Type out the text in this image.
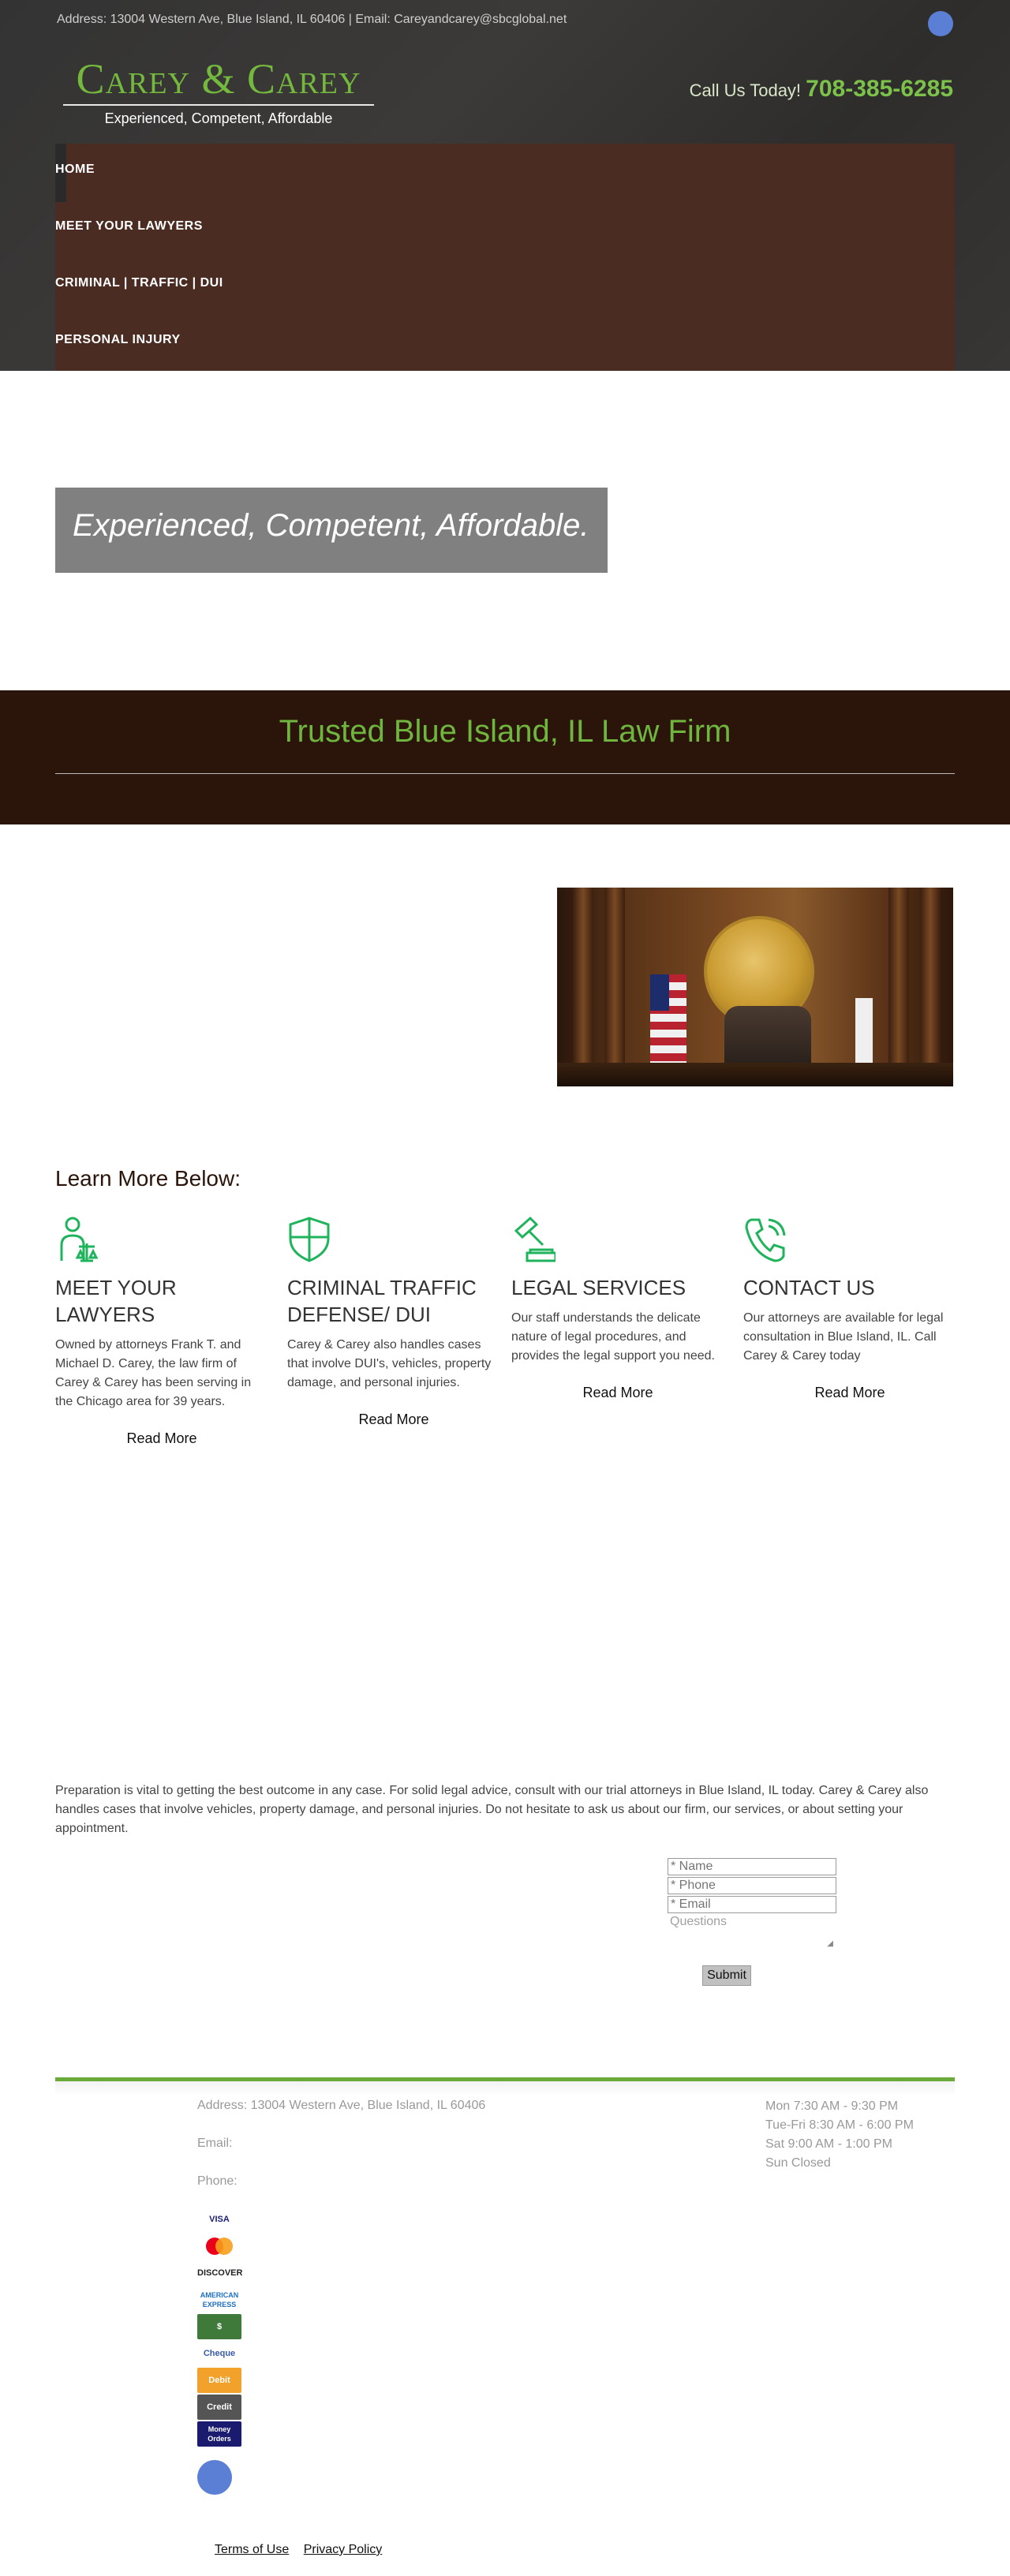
Address: 13004 Western Ave, Blue Island, IL 60406 | Email: Careyandcarey@sbcglobal.net
Carey & Carey
Experienced, Competent, Affordable
Call Us Today! 708-385-6285
HOME
MEET YOUR LAWYERS
CRIMINAL | TRAFFIC | DUI
PERSONAL INJURY
Experienced, Competent, Affordable.
Trusted Blue Island, IL Law Firm
Learn More Below:
MEET YOUR LAWYERS
Owned by attorneys Frank T. and Michael D. Carey, the law firm of Carey & Carey has been serving in the Chicago area for 39 years.
Read More
CRIMINAL TRAFFIC DEFENSE/ DUI
Carey & Carey also handles cases that involve DUI's, vehicles, property damage, and personal injuries.
Read More
LEGAL SERVICES
Our staff understands the delicate nature of legal procedures, and provides the legal support you need.
Read More
CONTACT US
Our attorneys are available for legal consultation in Blue Island, IL. Call Carey & Carey today
Read More
Preparation is vital to getting the best outcome in any case. For solid legal advice, consult with our trial attorneys in Blue Island, IL today. Carey & Carey also handles cases that involve vehicles, property damage, and personal injuries. Do not hesitate to ask us about our firm, our services, or about setting your appointment.
* Name
* Phone
* Email
Questions
◢
Submit
Address: 13004 Western Ave, Blue Island, IL 60406
Email:
Phone:
Mon 7:30 AM - 9:30 PM
Tue-Fri 8:30 AM - 6:00 PM
Sat 9:00 AM - 1:00 PM
Sun Closed
VISA
DISCOVER
AMERICAN EXPRESS
$
Cheque
Debit
Credit
Money Orders
Terms of Use Privacy Policy
